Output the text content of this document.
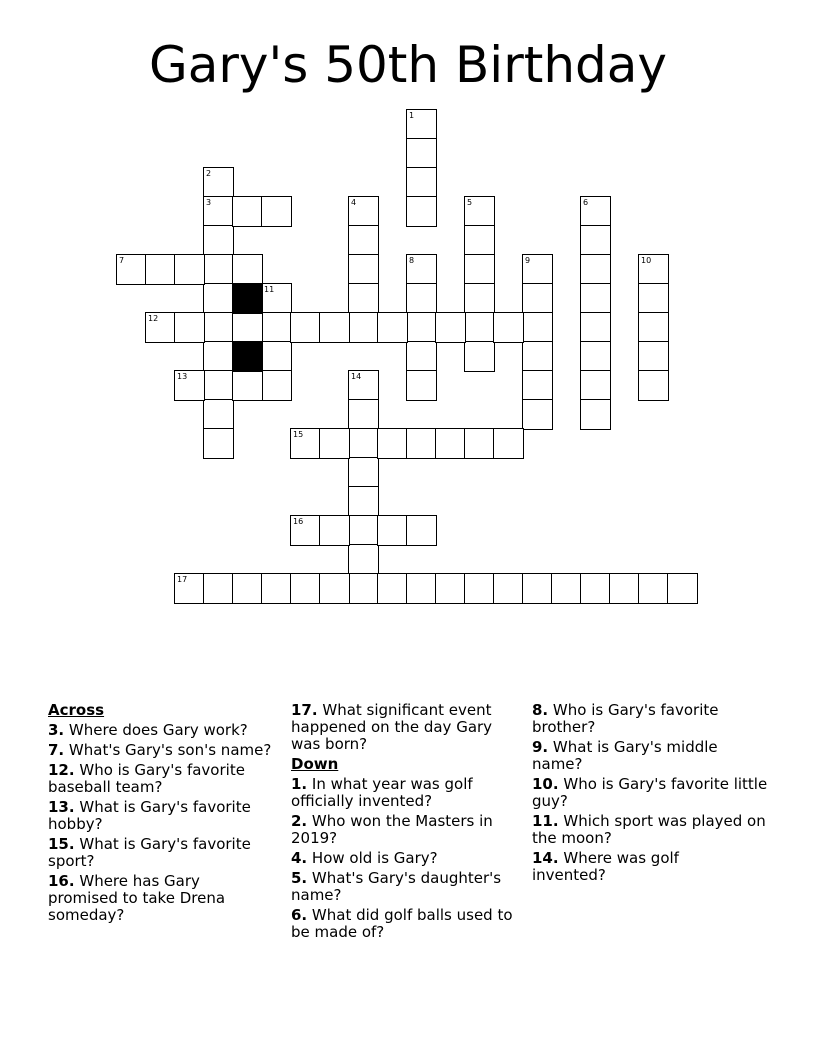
Gary's 50th Birthday
1
2
3	4	5	6
7	8	9	10
11
12
13	14
15
16
17
Across
3. Where does Gary work?
7. What's Gary's son's name?
12. Who is Gary's favorite baseball team?
13. What is Gary's favorite hobby?
15. What is Gary's favorite sport?
16. Where has Gary promised to take Drena someday?
17. What significant event happened on the day Gary was born?
Down
1. In what year was golf officially invented?
2. Who won the Masters in 2019?
4. How old is Gary?
5. What's Gary's daughter's name?
6. What did golf balls used to be made of?
8. Who is Gary's favorite brother?
9. What is Gary's middle name?
10. Who is Gary's favorite little guy?
11. Which sport was played on the moon?
14. Where was golf invented?
